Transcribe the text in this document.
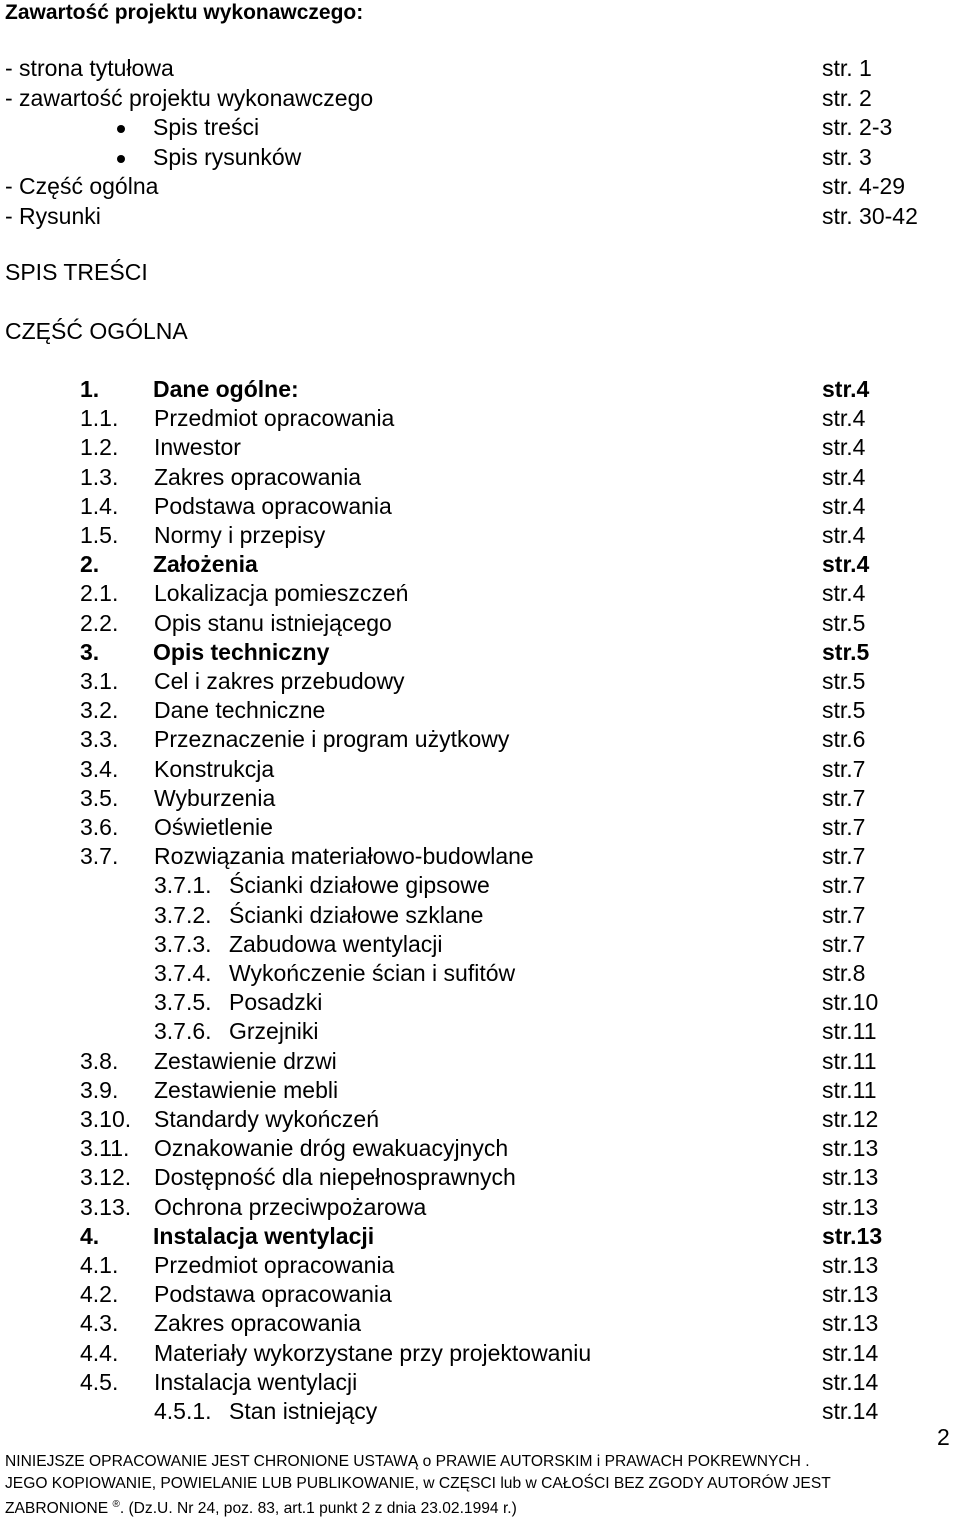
Zawartość projektu wykonawczego:
- strona tytułowa	str. 1
- zawartość projektu wykonawczego	str. 2
Spis treści	str. 2-3
Spis rysunków	str. 3
- Część ogólna	str. 4-29
- Rysunki	str. 30-42
SPIS TREŚCI
CZĘŚĆ OGÓLNA
1. Dane ogólne:	str.4
1.1. Przedmiot opracowania	str.4
1.2. Inwestor	str.4
1.3. Zakres opracowania	str.4
1.4. Podstawa opracowania	str.4
1.5. Normy i przepisy	str.4
2. Założenia	str.4
2.1. Lokalizacja pomieszczeń	str.4
2.2. Opis stanu istniejącego	str.5
3. Opis techniczny	str.5
3.1. Cel i zakres przebudowy	str.5
3.2. Dane techniczne	str.5
3.3. Przeznaczenie i program użytkowy	str.6
3.4. Konstrukcja	str.7
3.5. Wyburzenia	str.7
3.6. Oświetlenie	str.7
3.7. Rozwiązania materiałowo-budowlane	str.7
3.7.1. Ścianki działowe gipsowe	str.7
3.7.2. Ścianki działowe szklane	str.7
3.7.3. Zabudowa wentylacji	str.7
3.7.4. Wykończenie ścian i sufitów	str.8
3.7.5. Posadzki	str.10
3.7.6. Grzejniki	str.11
3.8. Zestawienie drzwi	str.11
3.9. Zestawienie mebli	str.11
3.10. Standardy wykończeń	str.12
3.11. Oznakowanie dróg ewakuacyjnych	str.13
3.12. Dostępność dla niepełnosprawnych	str.13
3.13. Ochrona przeciwpożarowa	str.13
4. Instalacja wentylacji	str.13
4.1. Przedmiot opracowania	str.13
4.2. Podstawa opracowania	str.13
4.3. Zakres opracowania	str.13
4.4. Materiały wykorzystane przy projektowaniu	str.14
4.5. Instalacja wentylacji	str.14
4.5.1. Stan istniejący	str.14
2
NINIEJSZE OPRACOWANIE JEST CHRONIONE USTAWĄ o PRAWIE AUTORSKIM i PRAWACH POKREWNYCH .
JEGO KOPIOWANIE, POWIELANIE LUB PUBLIKOWANIE, w CZĘSCI lub w CAŁOŚCI BEZ ZGODY AUTORÓW JEST
ZABRONIONE ®. (Dz.U. Nr 24, poz. 83, art.1 punkt 2 z dnia 23.02.1994 r.)
